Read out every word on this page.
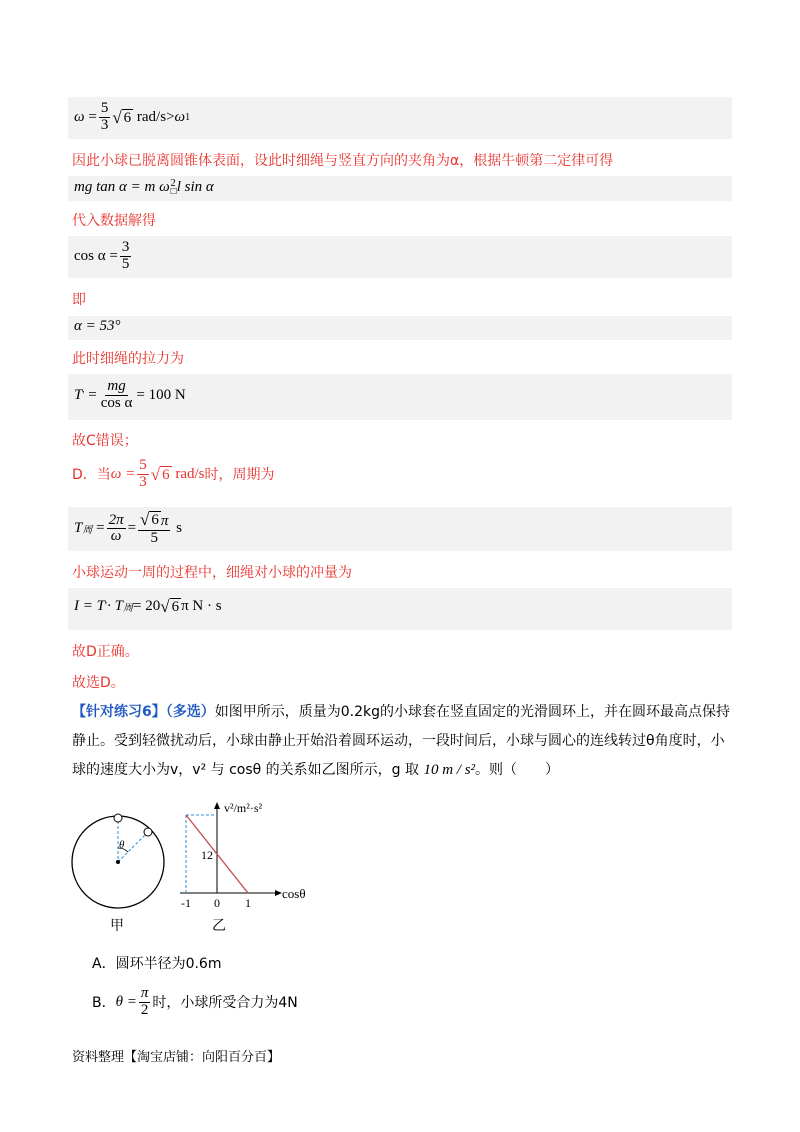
$\omega = \frac{5}{3}$ √ 6
rad/s > ω 1
因此小球已脱离圆锥体表面，设此时细绳与竖直方向的夹角为α，根据牛顿第二定律可得
mg tan α = m ω 2
□ l sin α
代入数据解得
$\cos \alpha = \frac{3}{5}$
即
α = 53°
此时细绳的拉力为
T ′ = $\frac{mg}{\text{cos α}} = 100$ N
故C错误；
D．当 $\omega = \frac{5}{3}$ √ 6
rad/s 时，周期为
T 周 = $\frac{2\pi}{\omega} = \frac{√ 6 \pi}{5}$
s
小球运动一周的过程中，细绳对小球的冲量为
I = T ′ · T 周 = 20 √ 6 π N · s
故D正确。
故选D。
【针对练习6】（多选）如图甲所示，质量为0.2kg的小球套在竖直固定的光滑圆环上，并在圆环最高点保持静止。受到轻微扰动后，小球由静止开始沿着圆环运动，一段时间后，小球与圆心的连线转过θ角度时，小球的速度大小为v，v² 与 cosθ 的关系如乙图所示，g 取 10 m / s²。则（　　）
θ
甲
-1 0 1
12
v²/m²·s²
cosθ
乙
A．圆环半径为0.6m
B． $\theta = \frac{\pi}{2}$ 时，小球所受合力为4N
资料整理【淘宝店铺：向阳百分百】
